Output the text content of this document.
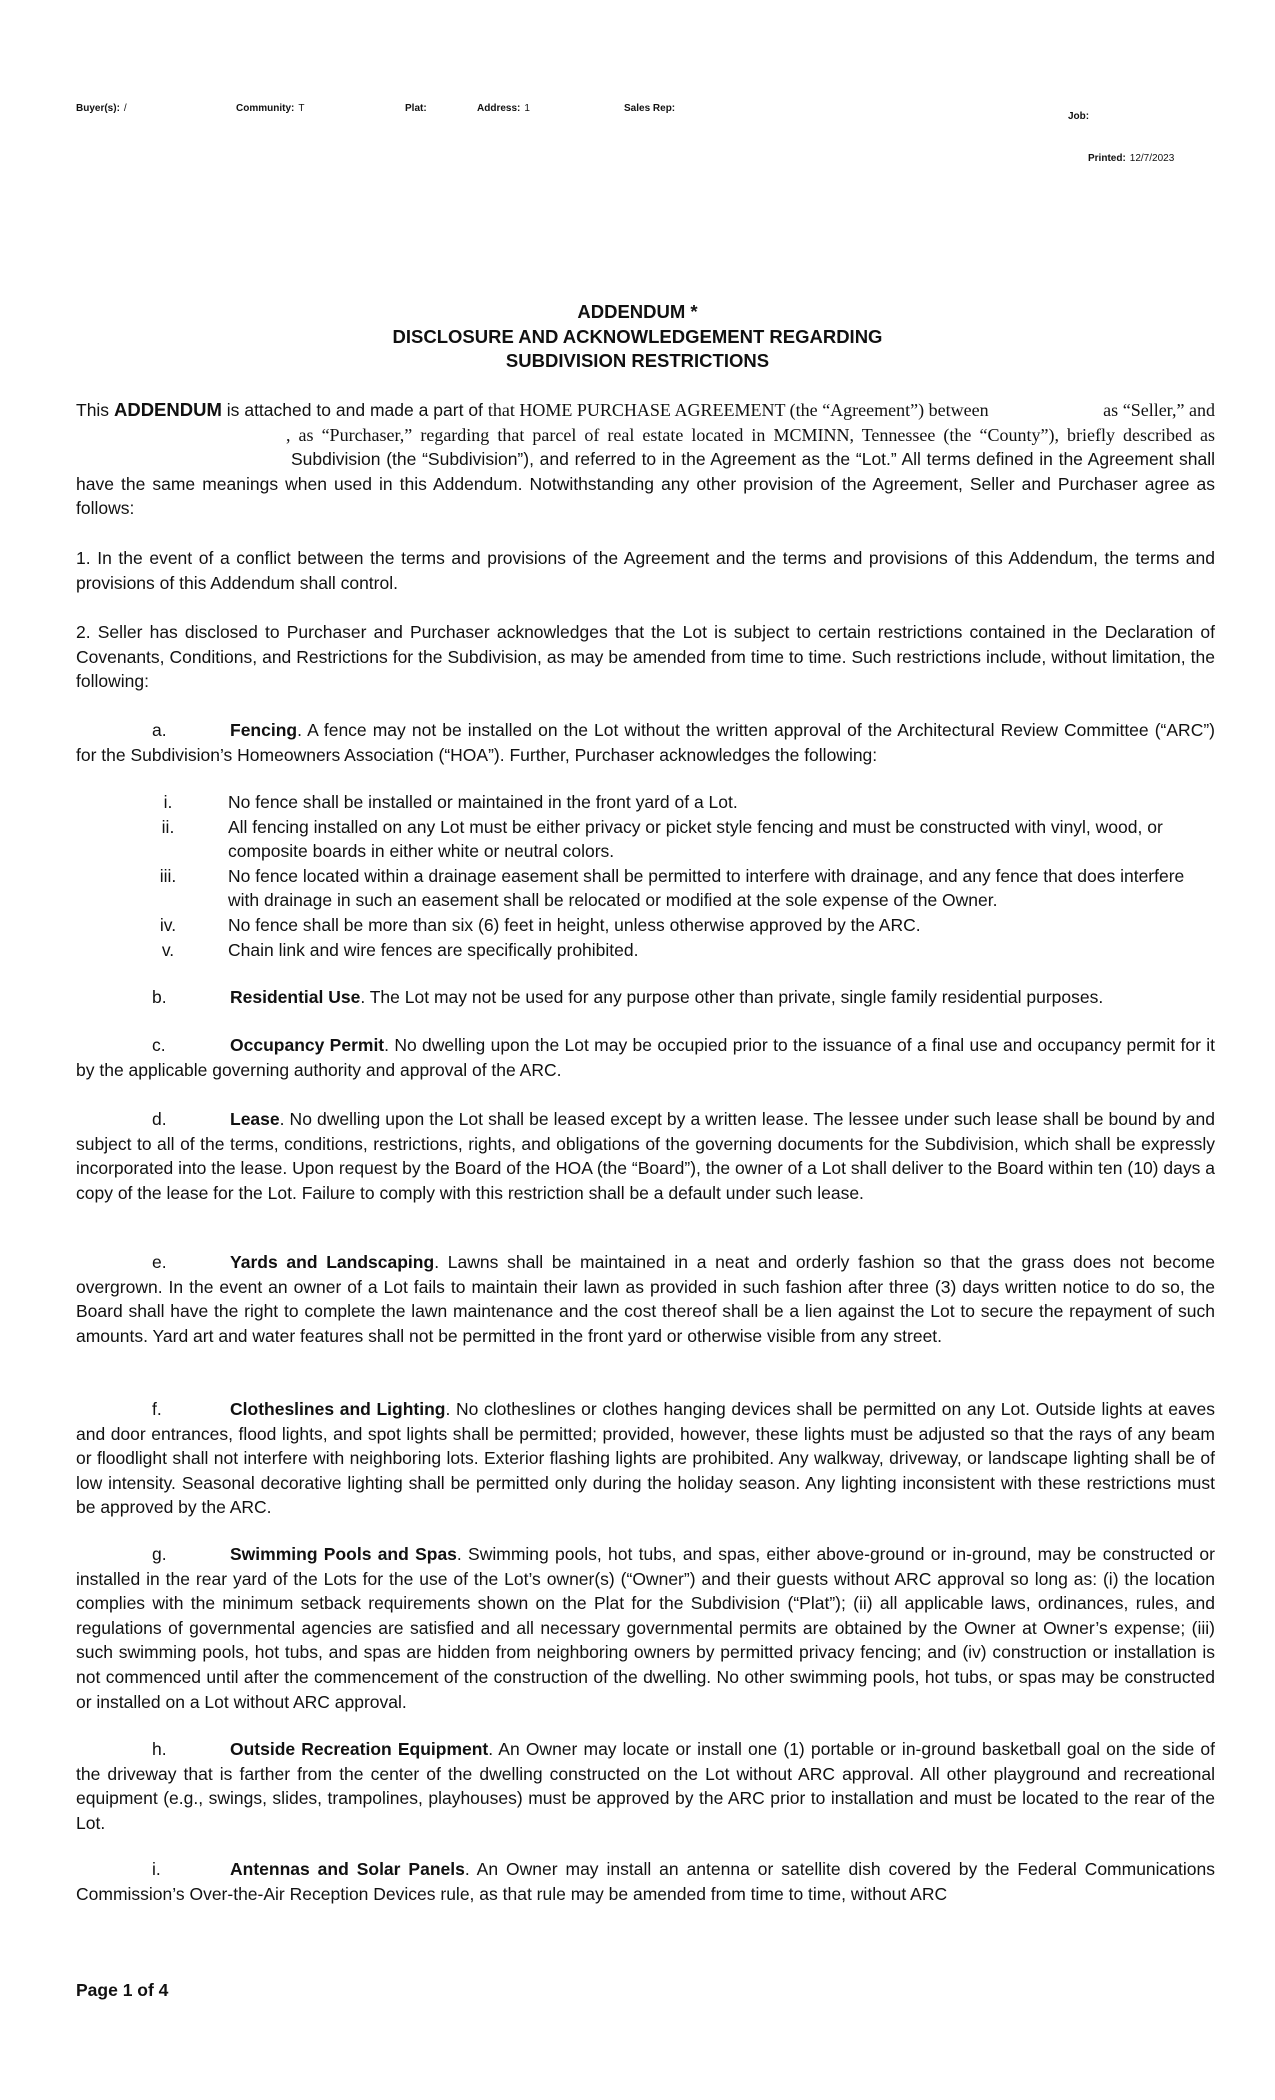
Buyer(s): /	Community: T	Plat:	Address: 1	Sales Rep:
Job:
Printed: 12/7/2023
ADDENDUM *
DISCLOSURE AND ACKNOWLEDGEMENT REGARDING
SUBDIVISION RESTRICTIONS
This ADDENDUM is attached to and made a part of that HOME PURCHASE AGREEMENT (the “Agreement”) between	as “Seller,” and, as “Purchaser,” regarding that parcel of real estate located in MCMINN, Tennessee (the “County”), briefly described asSubdivision (the “Subdivision”), and referred to in the Agreement as the “Lot.” All terms defined in the Agreement shall have the same meanings when used in this Addendum. Notwithstanding any other provision of the Agreement, Seller and Purchaser agree as follows:
1. In the event of a conflict between the terms and provisions of the Agreement and the terms and provisions of this Addendum, the terms and provisions of this Addendum shall control.
2. Seller has disclosed to Purchaser and Purchaser acknowledges that the Lot is subject to certain restrictions contained in the Declaration of Covenants, Conditions, and Restrictions for the Subdivision, as may be amended from time to time. Such restrictions include, without limitation, the following:
a.	Fencing. A fence may not be installed on the Lot without the written approval of the Architectural Review Committee (“ARC”) for the Subdivision’s Homeowners Association (“HOA”). Further, Purchaser acknowledges the following:
i.	No fence shall be installed or maintained in the front yard of a Lot.
ii.	All fencing installed on any Lot must be either privacy or picket style fencing and must be constructed with vinyl, wood, or composite boards in either white or neutral colors.
iii.	No fence located within a drainage easement shall be permitted to interfere with drainage, and any fence that does interfere with drainage in such an easement shall be relocated or modified at the sole expense of the Owner.
iv.	No fence shall be more than six (6) feet in height, unless otherwise approved by the ARC.
v.	Chain link and wire fences are specifically prohibited.
b.	Residential Use. The Lot may not be used for any purpose other than private, single family residential purposes.
c.	Occupancy Permit. No dwelling upon the Lot may be occupied prior to the issuance of a final use and occupancy permit for it by the applicable governing authority and approval of the ARC.
d.	Lease. No dwelling upon the Lot shall be leased except by a written lease. The lessee under such lease shall be bound by and subject to all of the terms, conditions, restrictions, rights, and obligations of the governing documents for the Subdivision, which shall be expressly incorporated into the lease. Upon request by the Board of the HOA (the “Board”), the owner of a Lot shall deliver to the Board within ten (10) days a copy of the lease for the Lot. Failure to comply with this restriction shall be a default under such lease.
e.	Yards and Landscaping. Lawns shall be maintained in a neat and orderly fashion so that the grass does not become overgrown. In the event an owner of a Lot fails to maintain their lawn as provided in such fashion after three (3) days written notice to do so, the Board shall have the right to complete the lawn maintenance and the cost thereof shall be a lien against the Lot to secure the repayment of such amounts. Yard art and water features shall not be permitted in the front yard or otherwise visible from any street.
f.	Clotheslines and Lighting. No clotheslines or clothes hanging devices shall be permitted on any Lot. Outside lights at eaves and door entrances, flood lights, and spot lights shall be permitted; provided, however, these lights must be adjusted so that the rays of any beam or floodlight shall not interfere with neighboring lots. Exterior flashing lights are prohibited. Any walkway, driveway, or landscape lighting shall be of low intensity. Seasonal decorative lighting shall be permitted only during the holiday season. Any lighting inconsistent with these restrictions must be approved by the ARC.
g.	Swimming Pools and Spas. Swimming pools, hot tubs, and spas, either above-ground or in-ground, may be constructed or installed in the rear yard of the Lots for the use of the Lot’s owner(s) (“Owner”) and their guests without ARC approval so long as: (i) the location complies with the minimum setback requirements shown on the Plat for the Subdivision (“Plat”); (ii) all applicable laws, ordinances, rules, and regulations of governmental agencies are satisfied and all necessary governmental permits are obtained by the Owner at Owner’s expense; (iii) such swimming pools, hot tubs, and spas are hidden from neighboring owners by permitted privacy fencing; and (iv) construction or installation is not commenced until after the commencement of the construction of the dwelling. No other swimming pools, hot tubs, or spas may be constructed or installed on a Lot without ARC approval.
h.	Outside Recreation Equipment. An Owner may locate or install one (1) portable or in-ground basketball goal on the side of the driveway that is farther from the center of the dwelling constructed on the Lot without ARC approval. All other playground and recreational equipment (e.g., swings, slides, trampolines, playhouses) must be approved by the ARC prior to installation and must be located to the rear of the Lot.
i.	Antennas and Solar Panels. An Owner may install an antenna or satellite dish covered by the Federal Communications Commission’s Over-the-Air Reception Devices rule, as that rule may be amended from time to time, without ARC
Page 1 of 4
